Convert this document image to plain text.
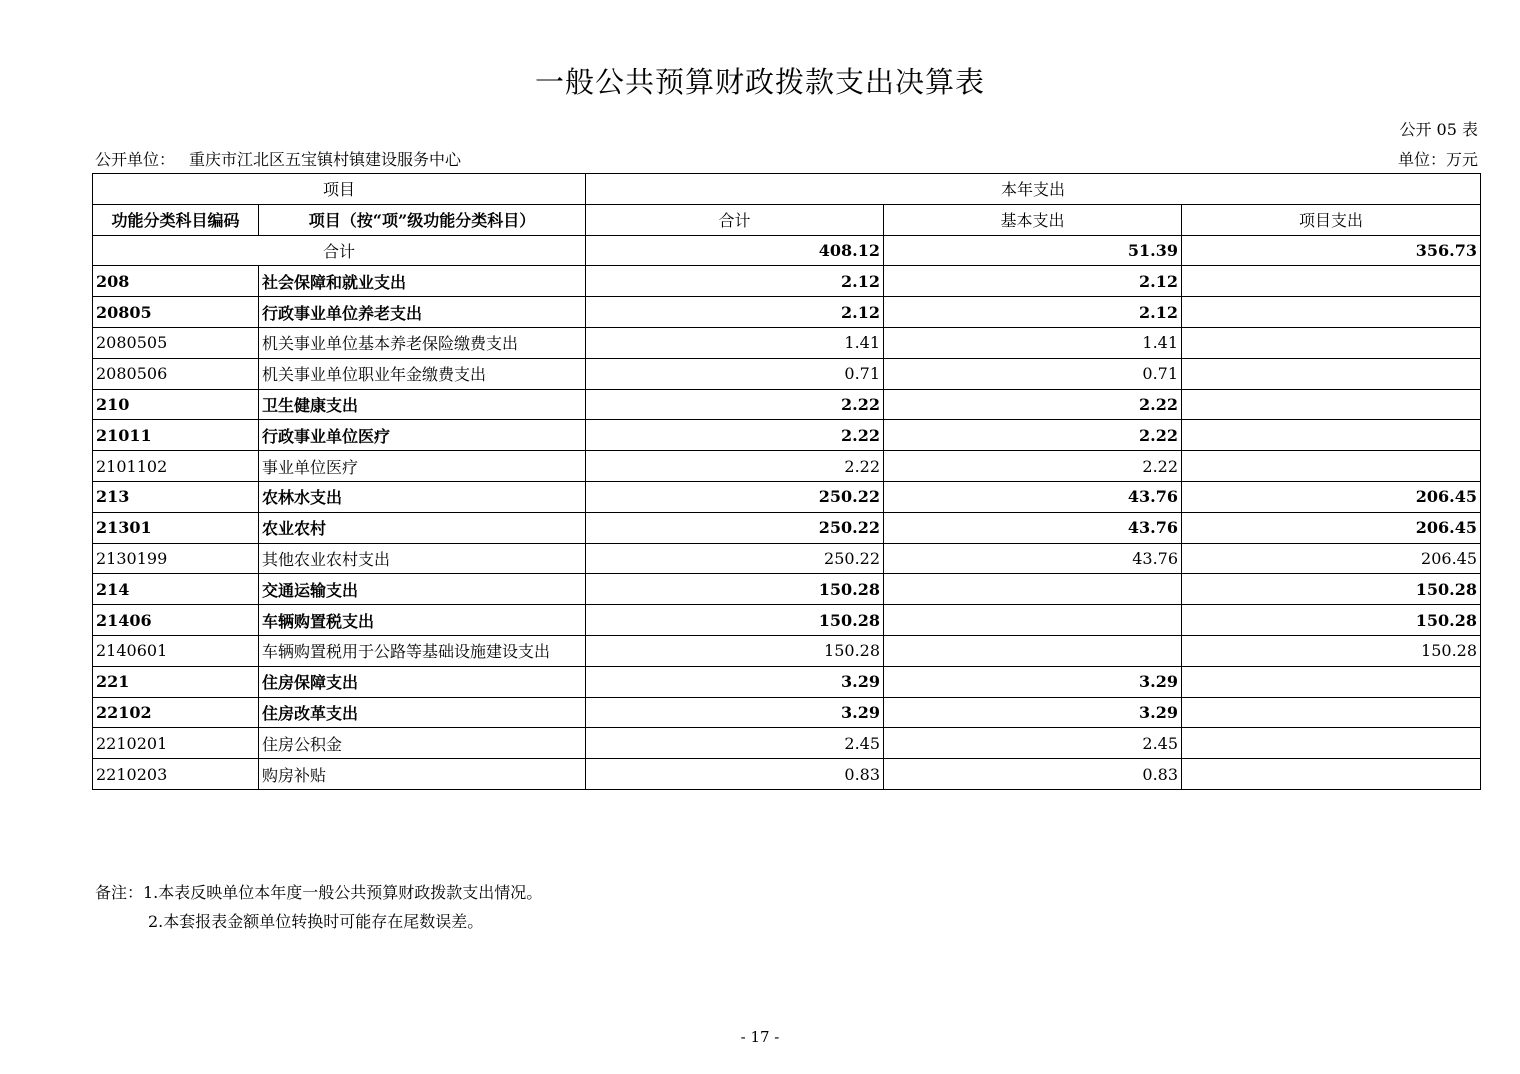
一般公共预算财政拨款支出决算表
公开 05 表
公开单位： 重庆市江北区五宝镇村镇建设服务中心	单位：万元
项目		本年支出		
功能分类科目编码	项目（按“项”级功能分类科目）	合计	基本支出	项目支出
合计		408.12	51.39	356.73
208	社会保障和就业支出	2.12	2.12	
20805	行政事业单位养老支出	2.12	2.12	
2080505	机关事业单位基本养老保险缴费支出	1.41	1.41	
2080506	机关事业单位职业年金缴费支出	0.71	0.71	
210	卫生健康支出	2.22	2.22	
21011	行政事业单位医疗	2.22	2.22	
2101102	事业单位医疗	2.22	2.22	
213	农林水支出	250.22	43.76	206.45
21301	农业农村	250.22	43.76	206.45
2130199	其他农业农村支出	250.22	43.76	206.45
214	交通运输支出	150.28		150.28
21406	车辆购置税支出	150.28		150.28
2140601	车辆购置税用于公路等基础设施建设支出	150.28		150.28
221	住房保障支出	3.29	3.29	
22102	住房改革支出	3.29	3.29	
2210201	住房公积金	2.45	2.45	
2210203	购房补贴	0.83	0.83	
备注：1.本表反映单位本年度一般公共预算财政拨款支出情况。
2.本套报表金额单位转换时可能存在尾数误差。
- 17 -
